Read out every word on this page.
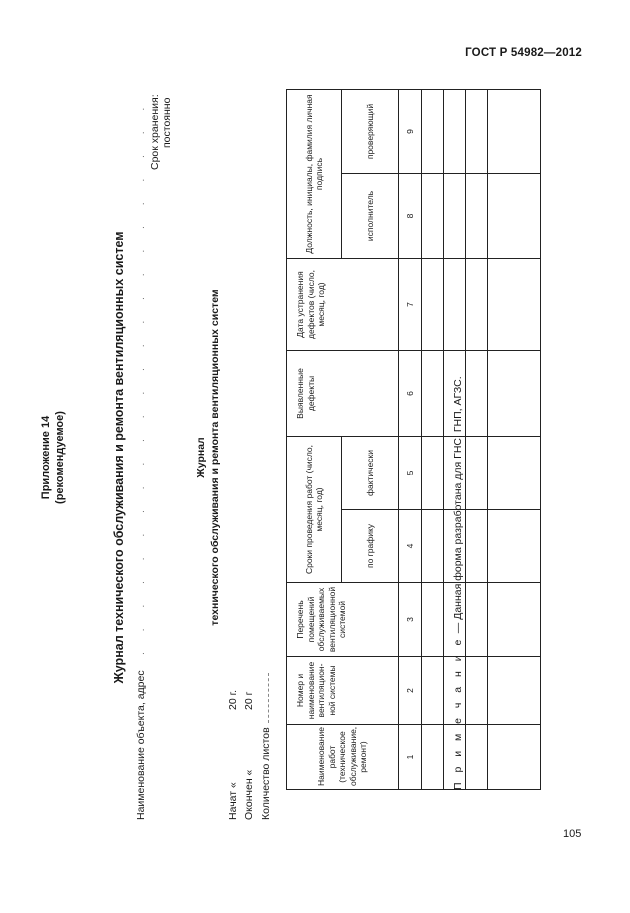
ГОСТ Р 54982—2012
Приложение 14 (рекомендуемое)	Журнал технического обслуживания и ремонта вентиляционных систем
Наименование объекта, адрес
.   .   .   .   .   .   .   .   .   .   .   .   .   .   .   .   .   .   .   .   .   .   .   . Срок хранения: постоянно
Журнал технического обслуживания и ремонта вентиляционных систем
Начат «
20 г.
Окончен «
20 г
Количество листов	Наименование работ (техническое обслуживание, ремонт)	Номер и наименование вентиляцион-ной системы	Перечень помещений обслуживаемых вентиляционной системой	Сроки проведения работ (число, месяц, год)		Выявленные дефекты	Дата устранения дефектов (число, месяц, год)	Должность, инициалы, фамилия личная подпись	
			по графику	фактически			исполнитель	проверяющий
1	2	3	4	5	6	7	8	9

П р и м е ч а н и е — Данная форма разработана для ГНС, ГНП, АГЗС.
105
